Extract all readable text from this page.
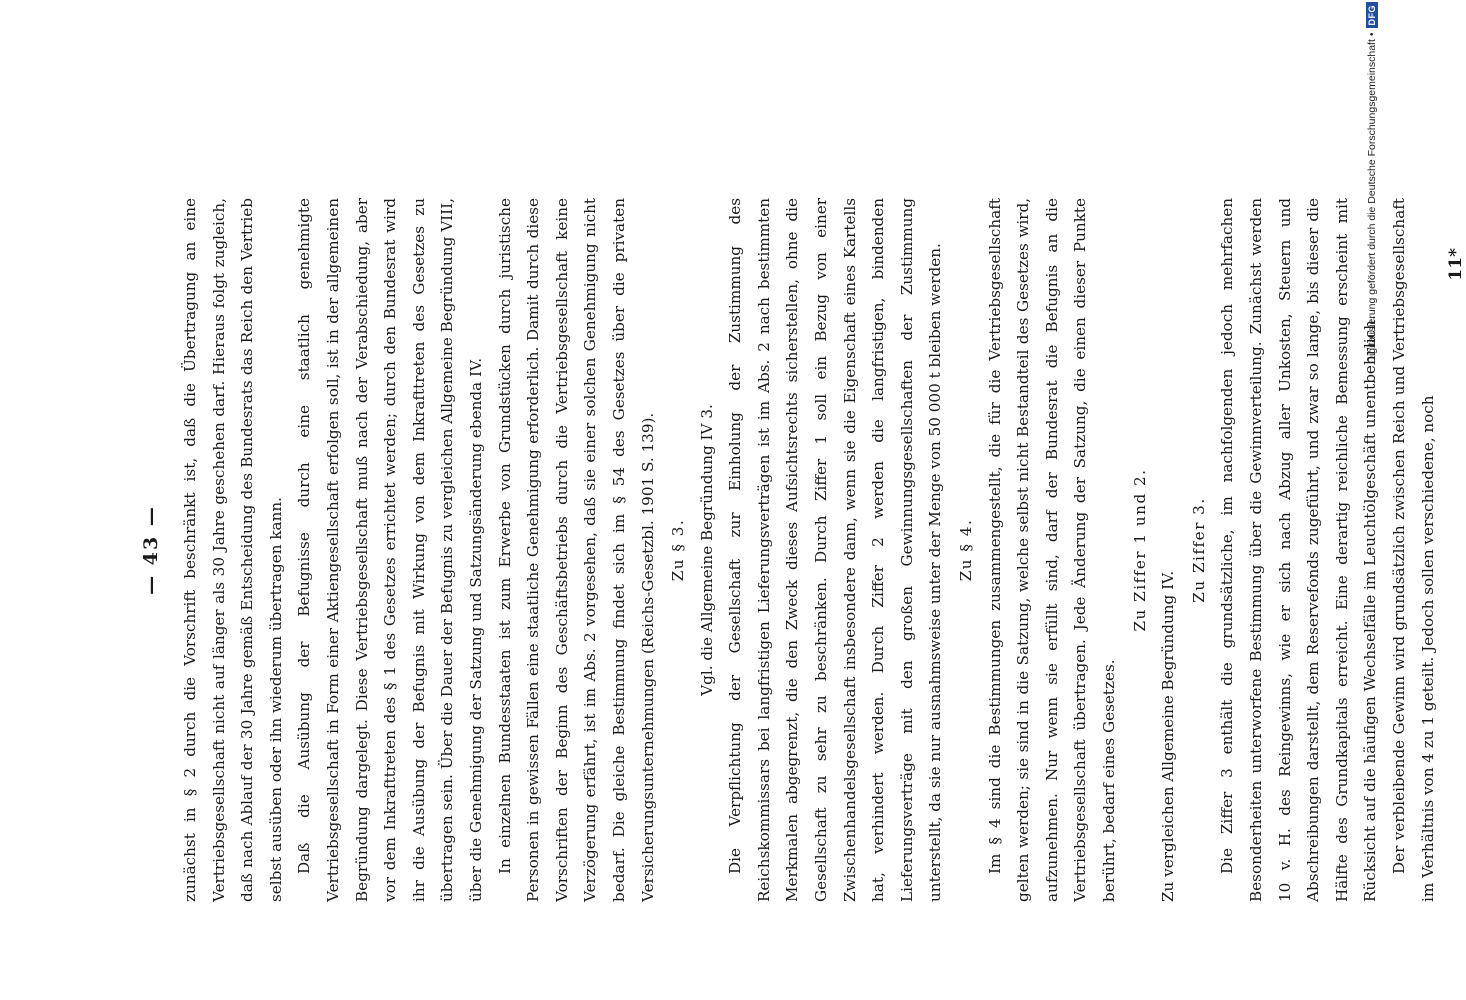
— 43 —	zunächst in § 2 durch die Vorschrift beschränkt ist, daß die Übertragung an eine Vertriebsgesellschaft nicht auf länger als 30 Jahre geschehen darf. Hieraus folgt zugleich, daß nach Ablauf der 30 Jahre gemäß Entscheidung des Bundesrats das Reich den Vertrieb selbst ausüben oder ihn wiederum übertragen kann. Daß die Ausübung der Befugnisse durch eine staatlich genehmigte Vertriebsgesellschaft in Form einer Aktiengesellschaft erfolgen soll, ist in der allgemeinen Begründung dargelegt. Diese Vertriebsgesellschaft muß nach der Verabschiedung, aber vor dem Inkrafttreten des § 1 des Gesetzes errichtet werden; durch den Bundesrat wird ihr die Ausübung der Befugnis mit Wirkung von dem Inkrafttreten des Gesetzes zu übertragen sein. Über die Dauer der Befugnis zu vergleichen Allgemeine Begründung VIII, über die Genehmigung der Satzung und Satzungsänderung ebenda IV. In einzelnen Bundesstaaten ist zum Erwerbe von Grundstücken durch juristische Personen in gewissen Fällen eine staatliche Genehmigung erforderlich. Damit durch diese Vorschriften der Beginn des Geschäftsbetriebs durch die Vertriebsgesellschaft keine Verzögerung erfährt, ist im Abs. 2 vorgesehen, daß sie einer solchen Genehmigung nicht bedarf. Die gleiche Bestimmung findet sich im § 54 des Gesetzes über die privaten Versicherungsunternehmungen (Reichs-Gesetzbl. 1901 S. 139). Zu § 3. Vgl. die Allgemeine Begründung IV 3. Die Verpflichtung der Gesellschaft zur Einholung der Zustimmung des Reichskommissars bei langfristigen Lieferungsverträgen ist im Abs. 2 nach bestimmten Merkmalen abgegrenzt, die den Zweck dieses Aufsichtsrechts sicherstellen, ohne die Gesellschaft zu sehr zu beschränken. Durch Ziffer 1 soll ein Bezug von einer Zwischenhandelsgesellschaft insbesondere dann, wenn sie die Eigenschaft eines Kartells hat, verhindert werden. Durch Ziffer 2 werden die langfristigen, bindenden Lieferungsverträge mit den großen Gewinnungsgesellschaften der Zustimmung unterstellt, da sie nur ausnahmsweise unter der Menge von 50 000 t bleiben werden. Zu § 4. Im § 4 sind die Bestimmungen zusammengestellt, die für die Vertriebsgesellschaft gelten werden; sie sind in die Satzung, welche selbst nicht Bestandteil des Gesetzes wird, aufzunehmen. Nur wenn sie erfüllt sind, darf der Bundesrat die Befugnis an die Vertriebsgesellschaft übertragen. Jede Änderung der Satzung, die einen dieser Punkte berührt, bedarf eines Gesetzes.

Zu Ziffer 1 und 2.

Zu vergleichen Allgemeine Begründung IV.

Zu Ziffer 3. Die Ziffer 3 enthält die grundsätzliche, im nachfolgenden jedoch mehrfachen Besonderheiten unterworfene Bestimmung über die Gewinnverteilung. Zunächst werden 10 v. H. des Reingewinns, wie er sich nach Abzug aller Unkosten, Steuern und Abschreibungen darstellt, dem Reservefonds zugeführt, und zwar so lange, bis dieser die Hälfte des Grundkapitals erreicht. Eine derartig reichliche Bemessung erscheint mit Rücksicht auf die häufigen Wechselfälle im Leuchtölgeschäft unentbehrlich. Der verbleibende Gewinn wird grundsätzlich zwischen Reich und Vertriebsgesellschaft im Verhältnis von 4 zu 1 geteilt. Jedoch sollen verschiedene, noch

11*
Digitalisierung gefördert durch die Deutsche Forschungsgemeinschaft •
DFG
